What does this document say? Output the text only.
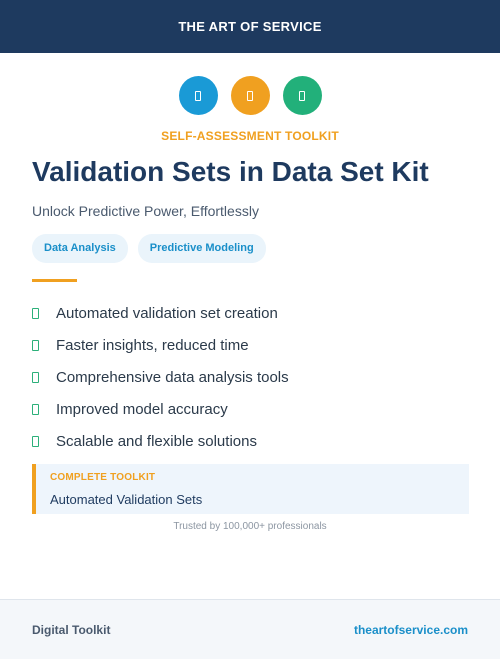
THE ART OF SERVICE
SELF-ASSESSMENT TOOLKIT
Validation Sets in Data Set Kit
Unlock Predictive Power, Effortlessly
Data Analysis	Predictive Modeling
Automated validation set creation
Faster insights, reduced time
Comprehensive data analysis tools
Improved model accuracy
Scalable and flexible solutions
COMPLETE TOOLKIT
Automated Validation Sets
Trusted by 100,000+ professionals
Digital Toolkit	theartofservice.com
